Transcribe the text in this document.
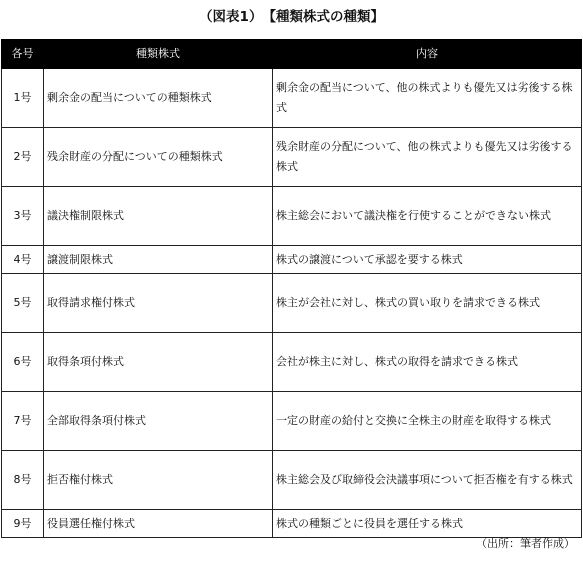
（図表1）　【種類株式の種類】
各号	種類株式	内容
1号	剰余金の配当についての種類株式	剰余金の配当について、他の株式よりも優先又は劣後する株式
2号	残余財産の分配についての種類株式	残余財産の分配について、他の株式よりも優先又は劣後する株式
3号	議決権制限株式	株主総会において議決権を行使することができない株式
4号	譲渡制限株式	株式の譲渡について承認を要する株式
5号	取得請求権付株式	株主が会社に対し、株式の買い取りを請求できる株式
6号	取得条項付株式	会社が株主に対し、株式の取得を請求できる株式
7号	全部取得条項付株式	一定の財産の給付と交換に全株主の財産を取得する株式
8号	拒否権付株式	株主総会及び取締役会決議事項について拒否権を有する株式
9号	役員選任権付株式	株式の種類ごとに役員を選任する株式
（出所：筆者作成）
